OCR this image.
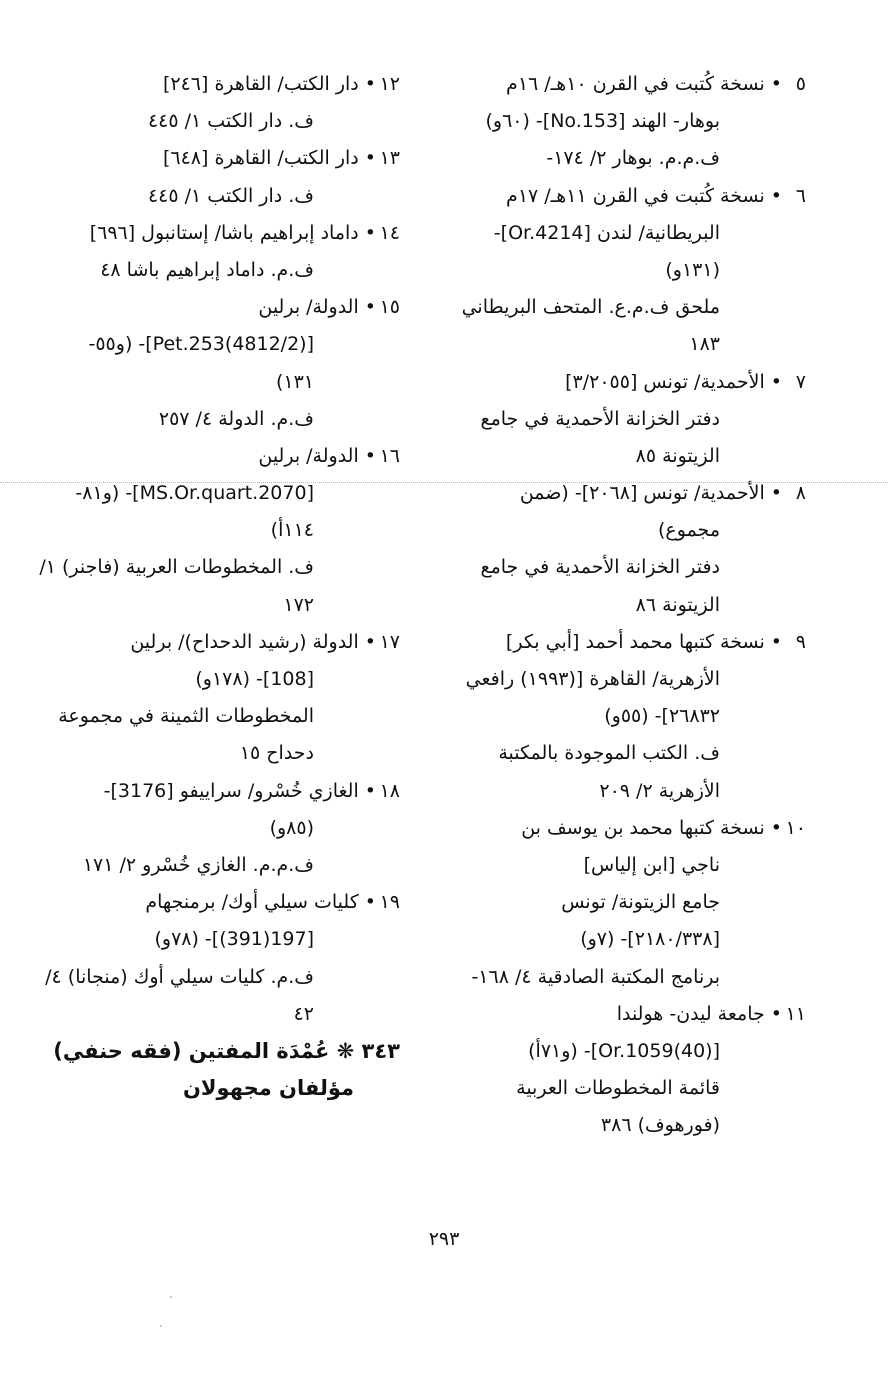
٥
• نسخة كُتبت في القرن ١٠هـ/ ١٦م
بوهار- الهند [No.153]- (٦٠و)
ف.م.م. بوهار ٢/ ١٧٤-
٦
• نسخة كُتبت في القرن ١١هـ/ ١٧م
البريطانية/ لندن [Or.4214]-
(١٣١و)
ملحق ف.م.ع. المتحف البريطاني
١٨٣
٧
• الأحمدية/ تونس [٣/٢٠٥٥]
دفتر الخزانة الأحمدية في جامع
الزيتونة ٨٥
٨
• الأحمدية/ تونس [٢٠٦٨]- (ضمن
مجموع)
دفتر الخزانة الأحمدية في جامع
الزيتونة ٨٦
٩
• نسخة كتبها محمد أحمد [أبي بكر]
الأزهرية/ القاهرة [(١٩٩٣) رافعي
٢٦٨٣٢]- (٥٥و)
ف. الكتب الموجودة بالمكتبة
الأزهرية ٢/ ٢٠٩
١٠
• نسخة كتبها محمد بن يوسف بن
ناجي [ابن إلياس]
جامع الزيتونة/ تونس
[٢١٨٠/٣٣٨]- (٧و)
برنامج المكتبة الصادقية ٤/ ١٦٨-
١١
• جامعة ليدن- هولندا
[Or.1059(40)]- (و٧١أ)
قائمة المخطوطات العربية
(فورهوف) ٣٨٦
١٢
• دار الكتب/ القاهرة [٢٤٦]
ف. دار الكتب ١/ ٤٤٥
١٣
• دار الكتب/ القاهرة [٦٤٨]
ف. دار الكتب ١/ ٤٤٥
١٤
• داماد إبراهيم باشا/ إستانبول [٦٩٦]
ف.م. داماد إبراهيم باشا ٤٨
١٥
• الدولة/ برلين
[(4812/2)Pet.253]- (و٥٥-
١٣١)
ف.م. الدولة ٤/ ٢٥٧
١٦
• الدولة/ برلين
[MS.Or.quart.2070]- (و٨١-
١١٤أ)
ف. المخطوطات العربية (فاجنر) ١/
١٧٢
١٧
• الدولة (رشيد الدحداح)/ برلين
[108]- (١٧٨و)
المخطوطات الثمينة في مجموعة
دحداح ١٥
١٨
• الغازي خُسْرو/ سراييفو [3176]-
(٨٥و)
ف.م.م. الغازي خُسْرو ٢/ ١٧١
١٩
• كليات سيلي أوك/ برمنجهام
[197(391)]- (٧٨و)
ف.م. كليات سيلي أوك (منجانا) ٤/
٤٢
٣٤٣ ❋ عُمْدَة المفتين (فقه حنفي)
مؤلفان مجهولان
٢٩٣
